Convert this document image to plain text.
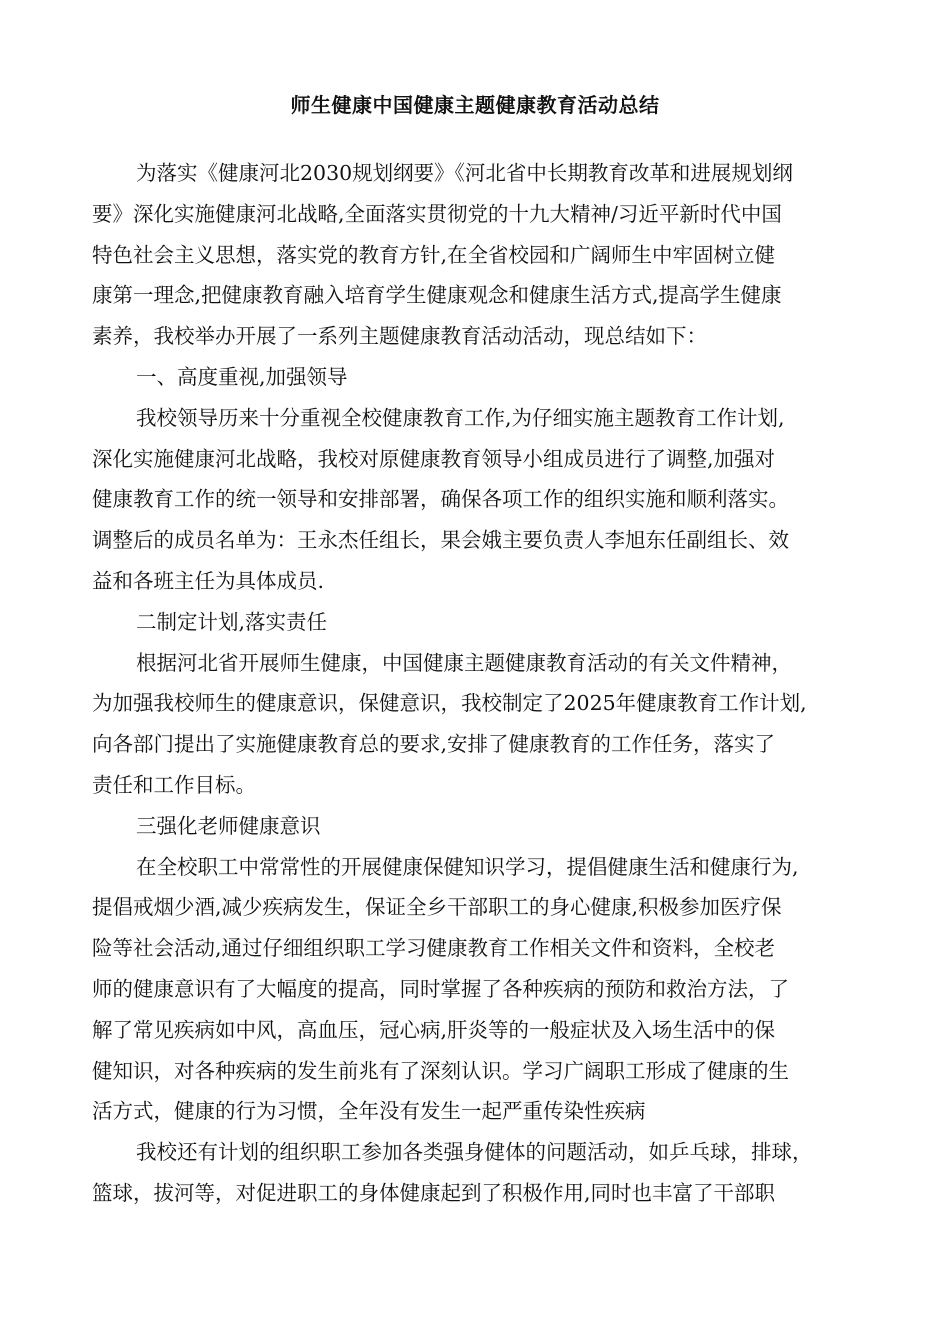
师生健康中国健康主题健康教育活动总结
为落实《健康河北2030规划纲要》《河北省中长期教育改革和进展规划纲
要》深化实施健康河北战略,全面落实贯彻党的十九大精神/习近平新时代中国
特色社会主义思想，落实党的教育方针,在全省校园和广阔师生中牢固树立健
康第一理念,把健康教育融入培育学生健康观念和健康生活方式,提高学生健康
素养，我校举办开展了一系列主题健康教育活动活动，现总结如下：
一、高度重视,加强领导
我校领导历来十分重视全校健康教育工作,为仔细实施主题教育工作计划,
深化实施健康河北战略，我校对原健康教育领导小组成员进行了调整,加强对
健康教育工作的统一领导和安排部署，确保各项工作的组织实施和顺利落实。
调整后的成员名单为：王永杰任组长，果会娥主要负责人李旭东任副组长、效
益和各班主任为具体成员.
二制定计划,落实责任
根据河北省开展师生健康，中国健康主题健康教育活动的有关文件精神，
为加强我校师生的健康意识，保健意识，我校制定了2025年健康教育工作计划,
向各部门提出了实施健康教育总的要求,安排了健康教育的工作任务，落实了
责任和工作目标。
三强化老师健康意识
在全校职工中常常性的开展健康保健知识学习，提倡健康生活和健康行为,
提倡戒烟少酒,减少疾病发生，保证全乡干部职工的身心健康,积极参加医疗保
险等社会活动,通过仔细组织职工学习健康教育工作相关文件和资料，全校老
师的健康意识有了大幅度的提高，同时掌握了各种疾病的预防和救治方法，了
解了常见疾病如中风，高血压，冠心病,肝炎等的一般症状及入场生活中的保
健知识，对各种疾病的发生前兆有了深刻认识。学习广阔职工形成了健康的生
活方式，健康的行为习惯，全年没有发生一起严重传染性疾病
我校还有计划的组织职工参加各类强身健体的问题活动，如乒乓球，排球，
篮球，拔河等，对促进职工的身体健康起到了积极作用,同时也丰富了干部职
